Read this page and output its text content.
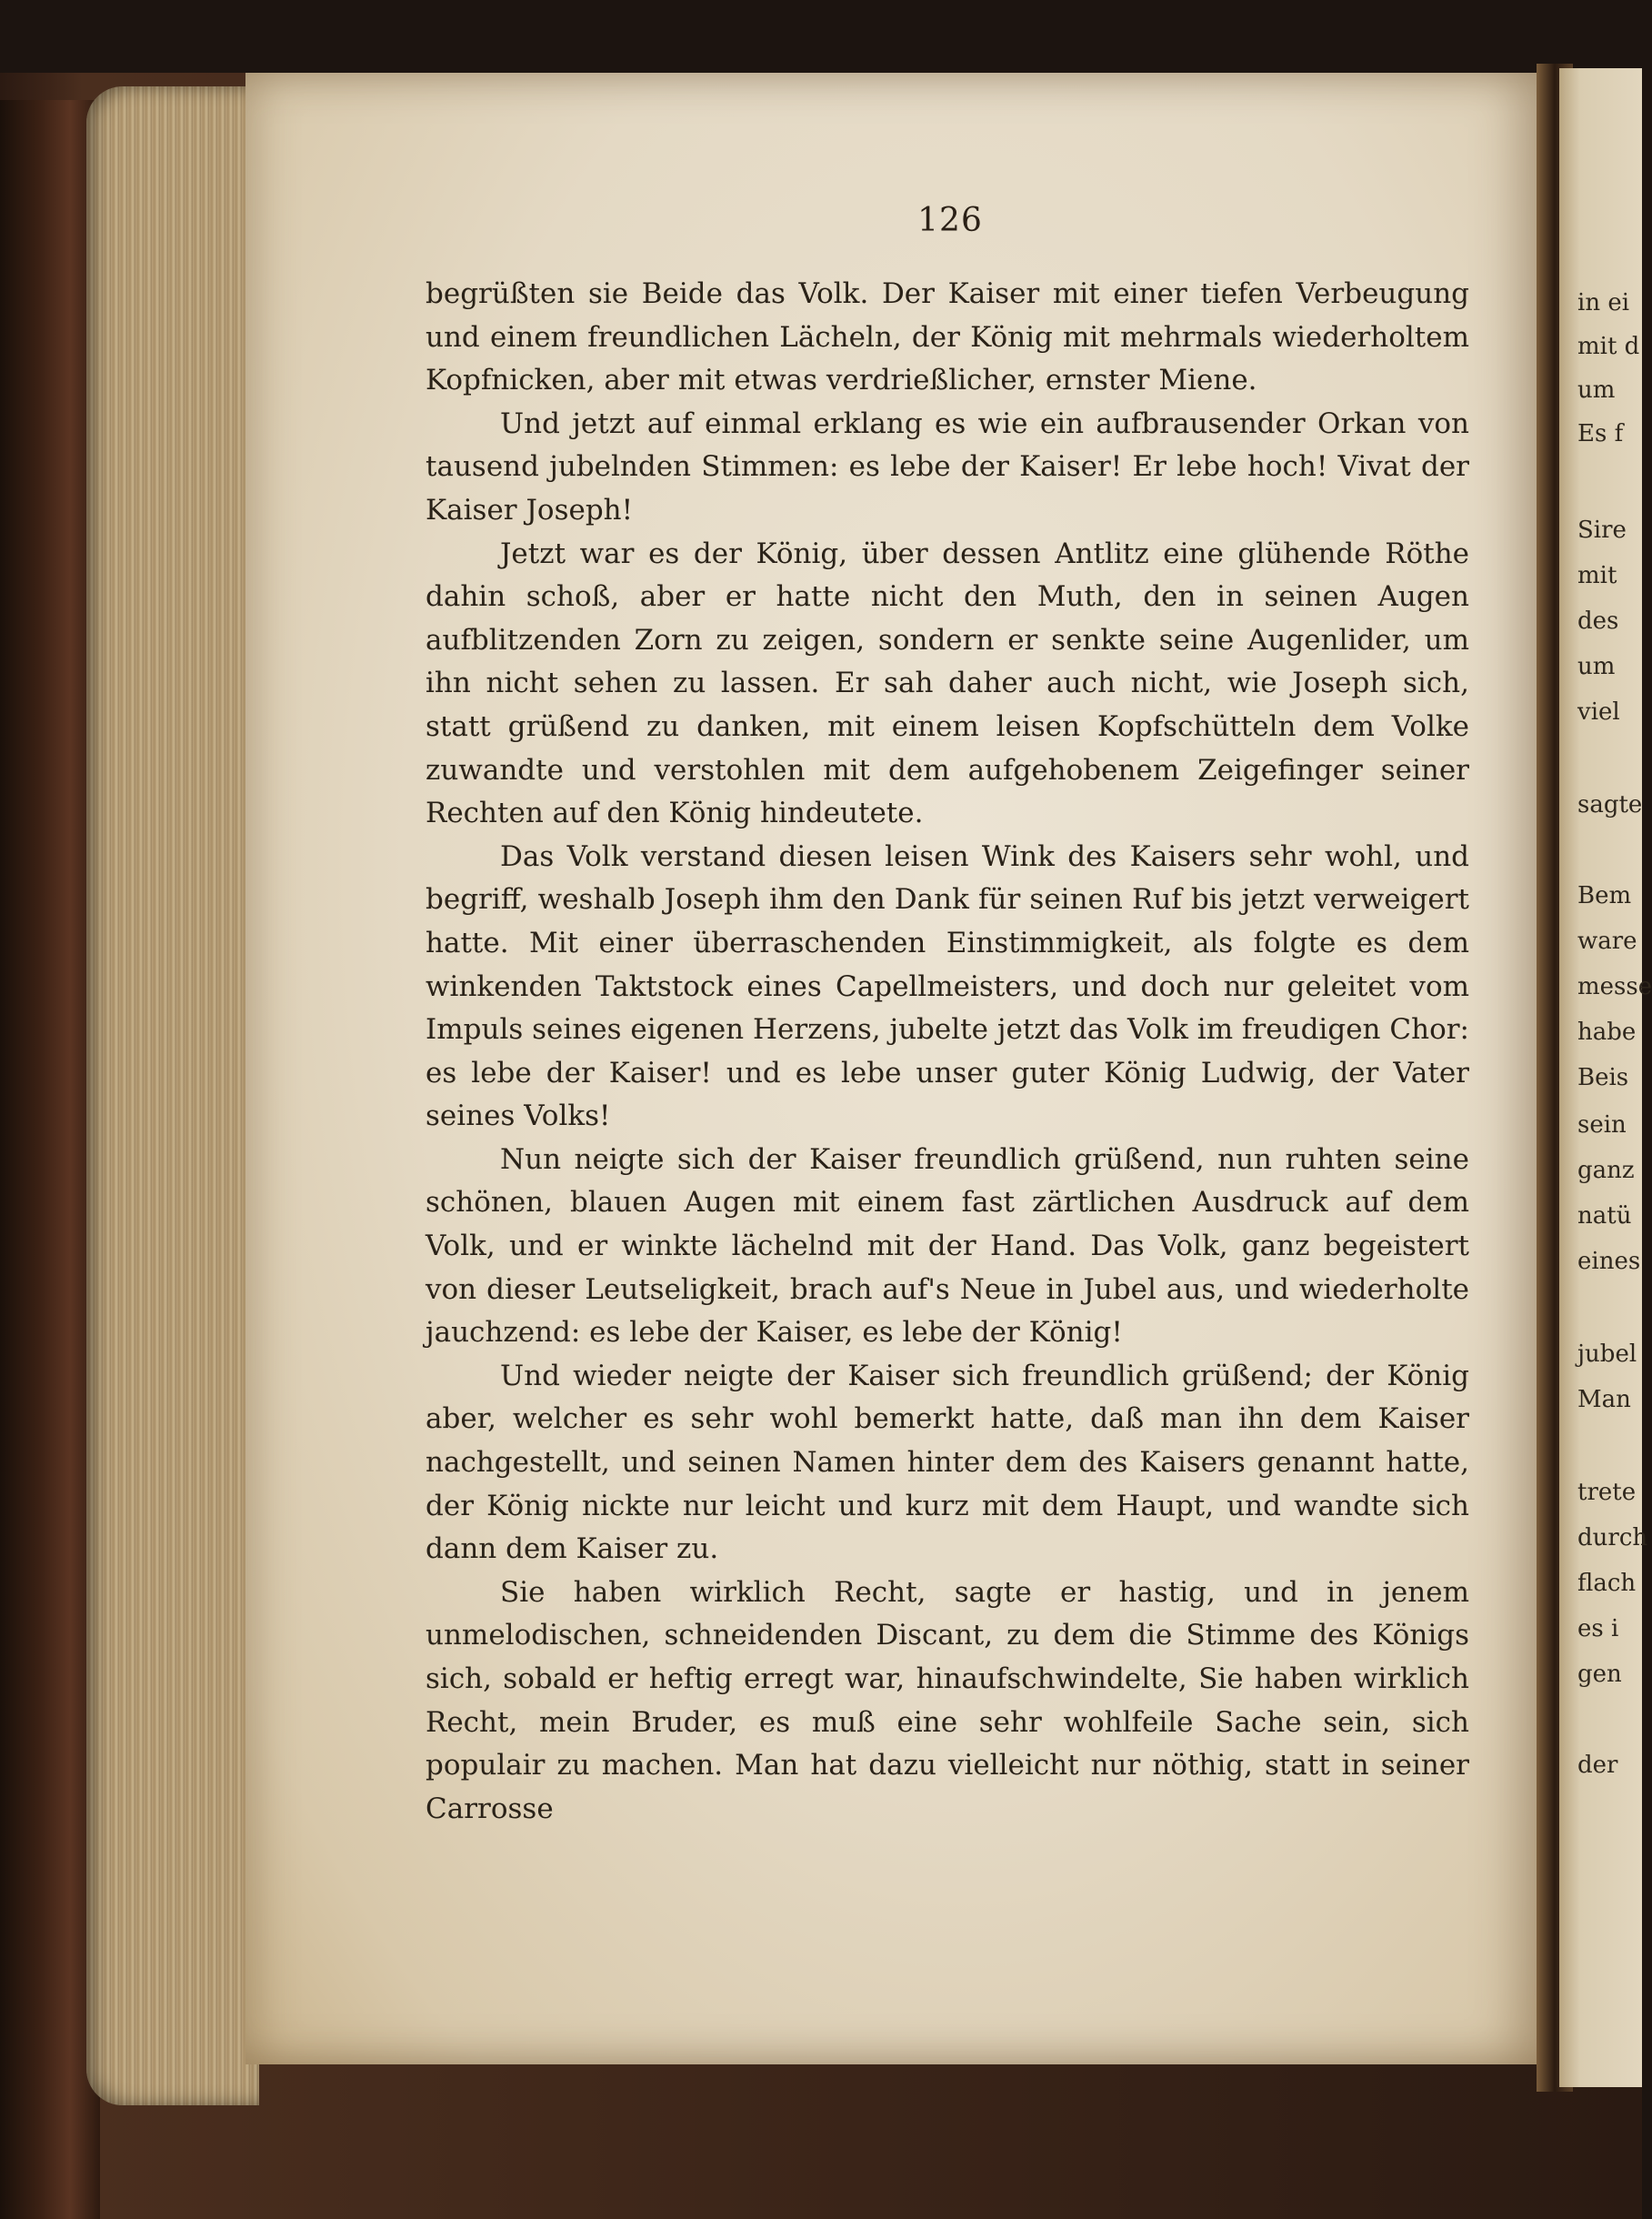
126

begrüßten sie Beide das Volk. Der Kaiser mit einer tiefen Verbeugung und einem freundlichen Lächeln, der König mit mehrmals wiederholtem Kopfnicken, aber mit etwas verdrießlicher, ernster Miene.

Und jetzt auf einmal erklang es wie ein aufbrausender Orkan von tausend jubelnden Stimmen: es lebe der Kaiser! Er lebe hoch! Vivat der Kaiser Joseph!

Jetzt war es der König, über dessen Antlitz eine glühende Röthe dahin schoß, aber er hatte nicht den Muth, den in seinen Augen aufblitzenden Zorn zu zeigen, sondern er senkte seine Augenlider, um ihn nicht sehen zu lassen. Er sah daher auch nicht, wie Joseph sich, statt grüßend zu danken, mit einem leisen Kopfschütteln dem Volke zuwandte und verstohlen mit dem aufgehobenem Zeigefinger seiner Rechten auf den König hindeutete.

Das Volk verstand diesen leisen Wink des Kaisers sehr wohl, und begriff, weshalb Joseph ihm den Dank für seinen Ruf bis jetzt verweigert hatte. Mit einer überraschenden Einstimmigkeit, als folgte es dem winkenden Taktstock eines Capellmeisters, und doch nur geleitet vom Impuls seines eigenen Herzens, jubelte jetzt das Volk im freudigen Chor: es lebe der Kaiser! und es lebe unser guter König Ludwig, der Vater seines Volks!

Nun neigte sich der Kaiser freundlich grüßend, nun ruhten seine schönen, blauen Augen mit einem fast zärtlichen Ausdruck auf dem Volk, und er winkte lächelnd mit der Hand. Das Volk, ganz begeistert von dieser Leutseligkeit, brach auf's Neue in Jubel aus, und wiederholte jauchzend: es lebe der Kaiser, es lebe der König!

Und wieder neigte der Kaiser sich freundlich grüßend; der König aber, welcher es sehr wohl bemerkt hatte, daß man ihn dem Kaiser nachgestellt, und seinen Namen hinter dem des Kaisers genannt hatte, der König nickte nur leicht und kurz mit dem Haupt, und wandte sich dann dem Kaiser zu.

Sie haben wirklich Recht, sagte er hastig, und in jenem unmelodischen, schneidenden Discant, zu dem die Stimme des Königs sich, sobald er heftig erregt war, hinaufschwindelte, Sie haben wirklich Recht, mein Bruder, es muß eine sehr wohlfeile Sache sein, sich populair zu machen. Man hat dazu vielleicht nur nöthig, statt in seiner Carrosse

in ei
mit d
um
Es f
Sire
mit
des
um
viel
sagte
Bem
ware
messe
habe
Beis
sein
ganz
natü
eines
jubel
Man
trete
durch
flach
es i
gen
der
